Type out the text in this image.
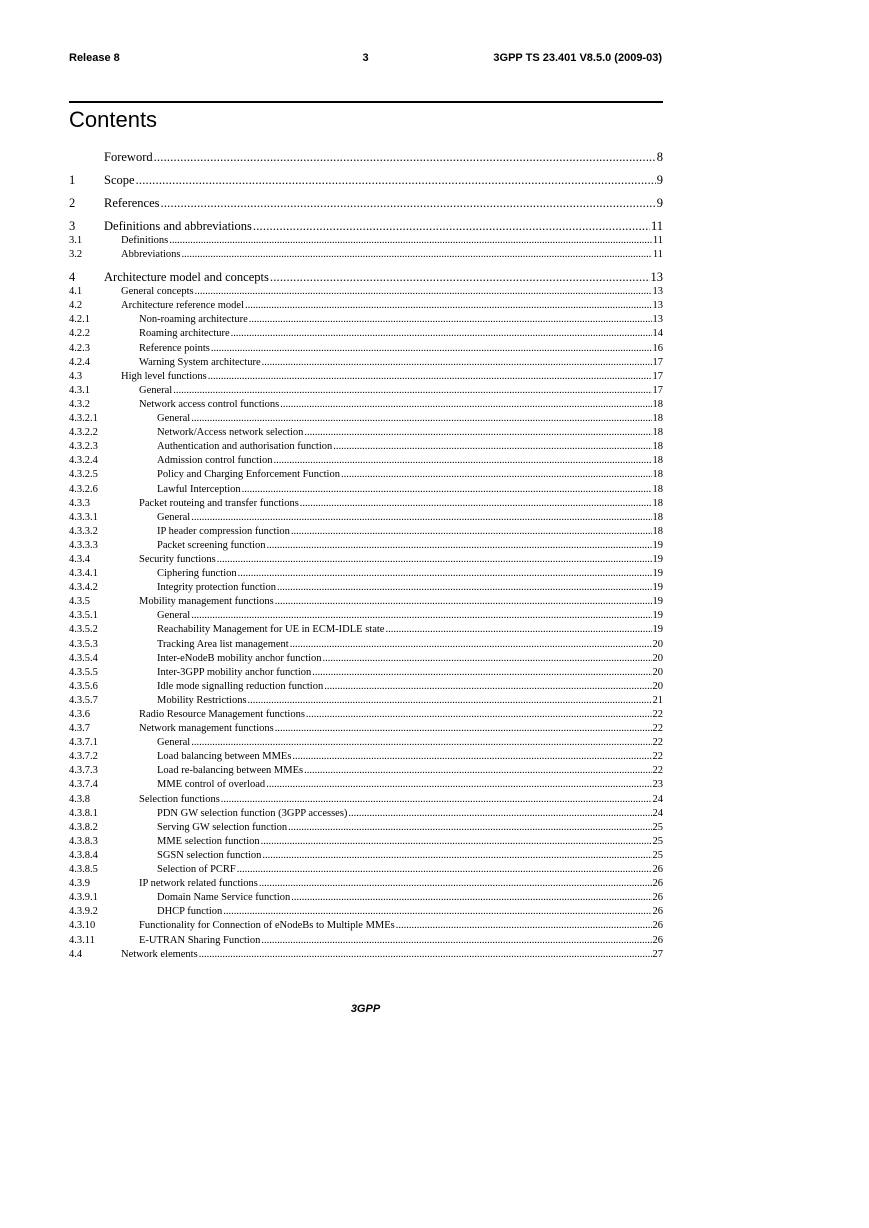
Release 8	3	3GPP TS 23.401 V8.5.0 (2009-03)
Contents
Foreword .....	8
1	Scope .....	9
2	References .....	9
3	Definitions and abbreviations .....	11
3.1	Definitions .....	11
3.2	Abbreviations .....	11
4	Architecture model and concepts .....	13
4.1	General concepts .....	13
4.2	Architecture reference model .....	13
4.2.1	Non-roaming architecture .....	13
4.2.2	Roaming architecture .....	14
4.2.3	Reference points .....	16
4.2.4	Warning System architecture .....	17
4.3	High level functions .....	17
4.3.1	General .....	17
4.3.2	Network access control functions .....	18
4.3.2.1	General .....	18
4.3.2.2	Network/Access network selection .....	18
4.3.2.3	Authentication and authorisation function .....	18
4.3.2.4	Admission control function .....	18
4.3.2.5	Policy and Charging Enforcement Function .....	18
4.3.2.6	Lawful Interception .....	18
4.3.3	Packet routeing and transfer functions .....	18
4.3.3.1	General .....	18
4.3.3.2	IP header compression function .....	18
4.3.3.3	Packet screening function .....	19
4.3.4	Security functions .....	19
4.3.4.1	Ciphering function .....	19
4.3.4.2	Integrity protection function .....	19
4.3.5	Mobility management functions .....	19
4.3.5.1	General .....	19
4.3.5.2	Reachability Management for UE in ECM-IDLE state .....	19
4.3.5.3	Tracking Area list management .....	20
4.3.5.4	Inter-eNodeB mobility anchor function .....	20
4.3.5.5	Inter-3GPP mobility anchor function .....	20
4.3.5.6	Idle mode signalling reduction function .....	20
4.3.5.7	Mobility Restrictions .....	21
4.3.6	Radio Resource Management functions .....	22
4.3.7	Network management functions .....	22
4.3.7.1	General .....	22
4.3.7.2	Load balancing between MMEs .....	22
4.3.7.3	Load re-balancing between MMEs .....	22
4.3.7.4	MME control of overload .....	23
4.3.8	Selection functions .....	24
4.3.8.1	PDN GW selection function (3GPP accesses) .....	24
4.3.8.2	Serving GW selection function .....	25
4.3.8.3	MME selection function .....	25
4.3.8.4	SGSN selection function .....	25
4.3.8.5	Selection of PCRF .....	26
4.3.9	IP network related functions .....	26
4.3.9.1	Domain Name Service function .....	26
4.3.9.2	DHCP function .....	26
4.3.10	Functionality for Connection of eNodeBs to Multiple MMEs .....	26
4.3.11	E-UTRAN Sharing Function .....	26
4.4	Network elements .....	27
3GPP
